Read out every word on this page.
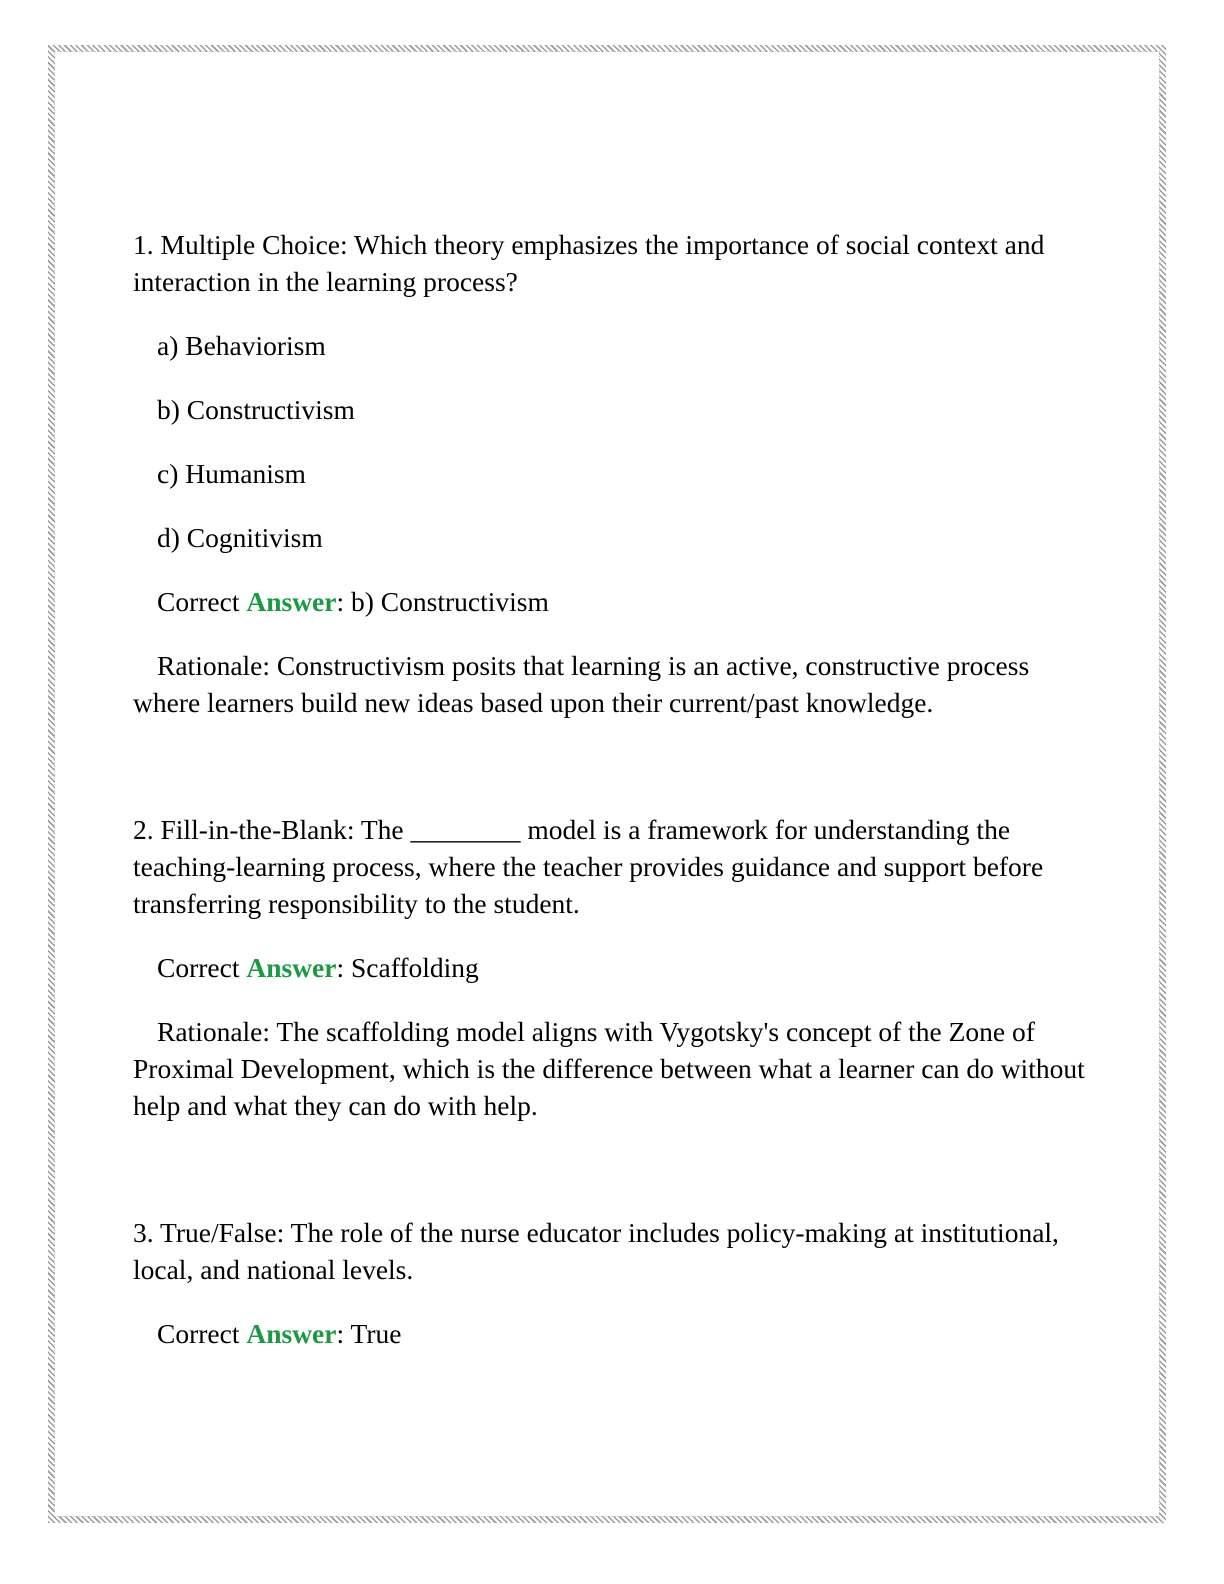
1. Multiple Choice: Which theory emphasizes the importance of social context and interaction in the learning process?

a) Behaviorism

b) Constructivism

c) Humanism

d) Cognitivism

Correct Answer: b) Constructivism

Rationale: Constructivism posits that learning is an active, constructive process where learners build new ideas based upon their current/past knowledge.

2. Fill-in-the-Blank: The ________ model is a framework for understanding the teaching-learning process, where the teacher provides guidance and support before transferring responsibility to the student.

Correct Answer: Scaffolding

Rationale: The scaffolding model aligns with Vygotsky's concept of the Zone of Proximal Development, which is the difference between what a learner can do without help and what they can do with help.

3. True/False: The role of the nurse educator includes policy-making at institutional, local, and national levels.

Correct Answer: True
